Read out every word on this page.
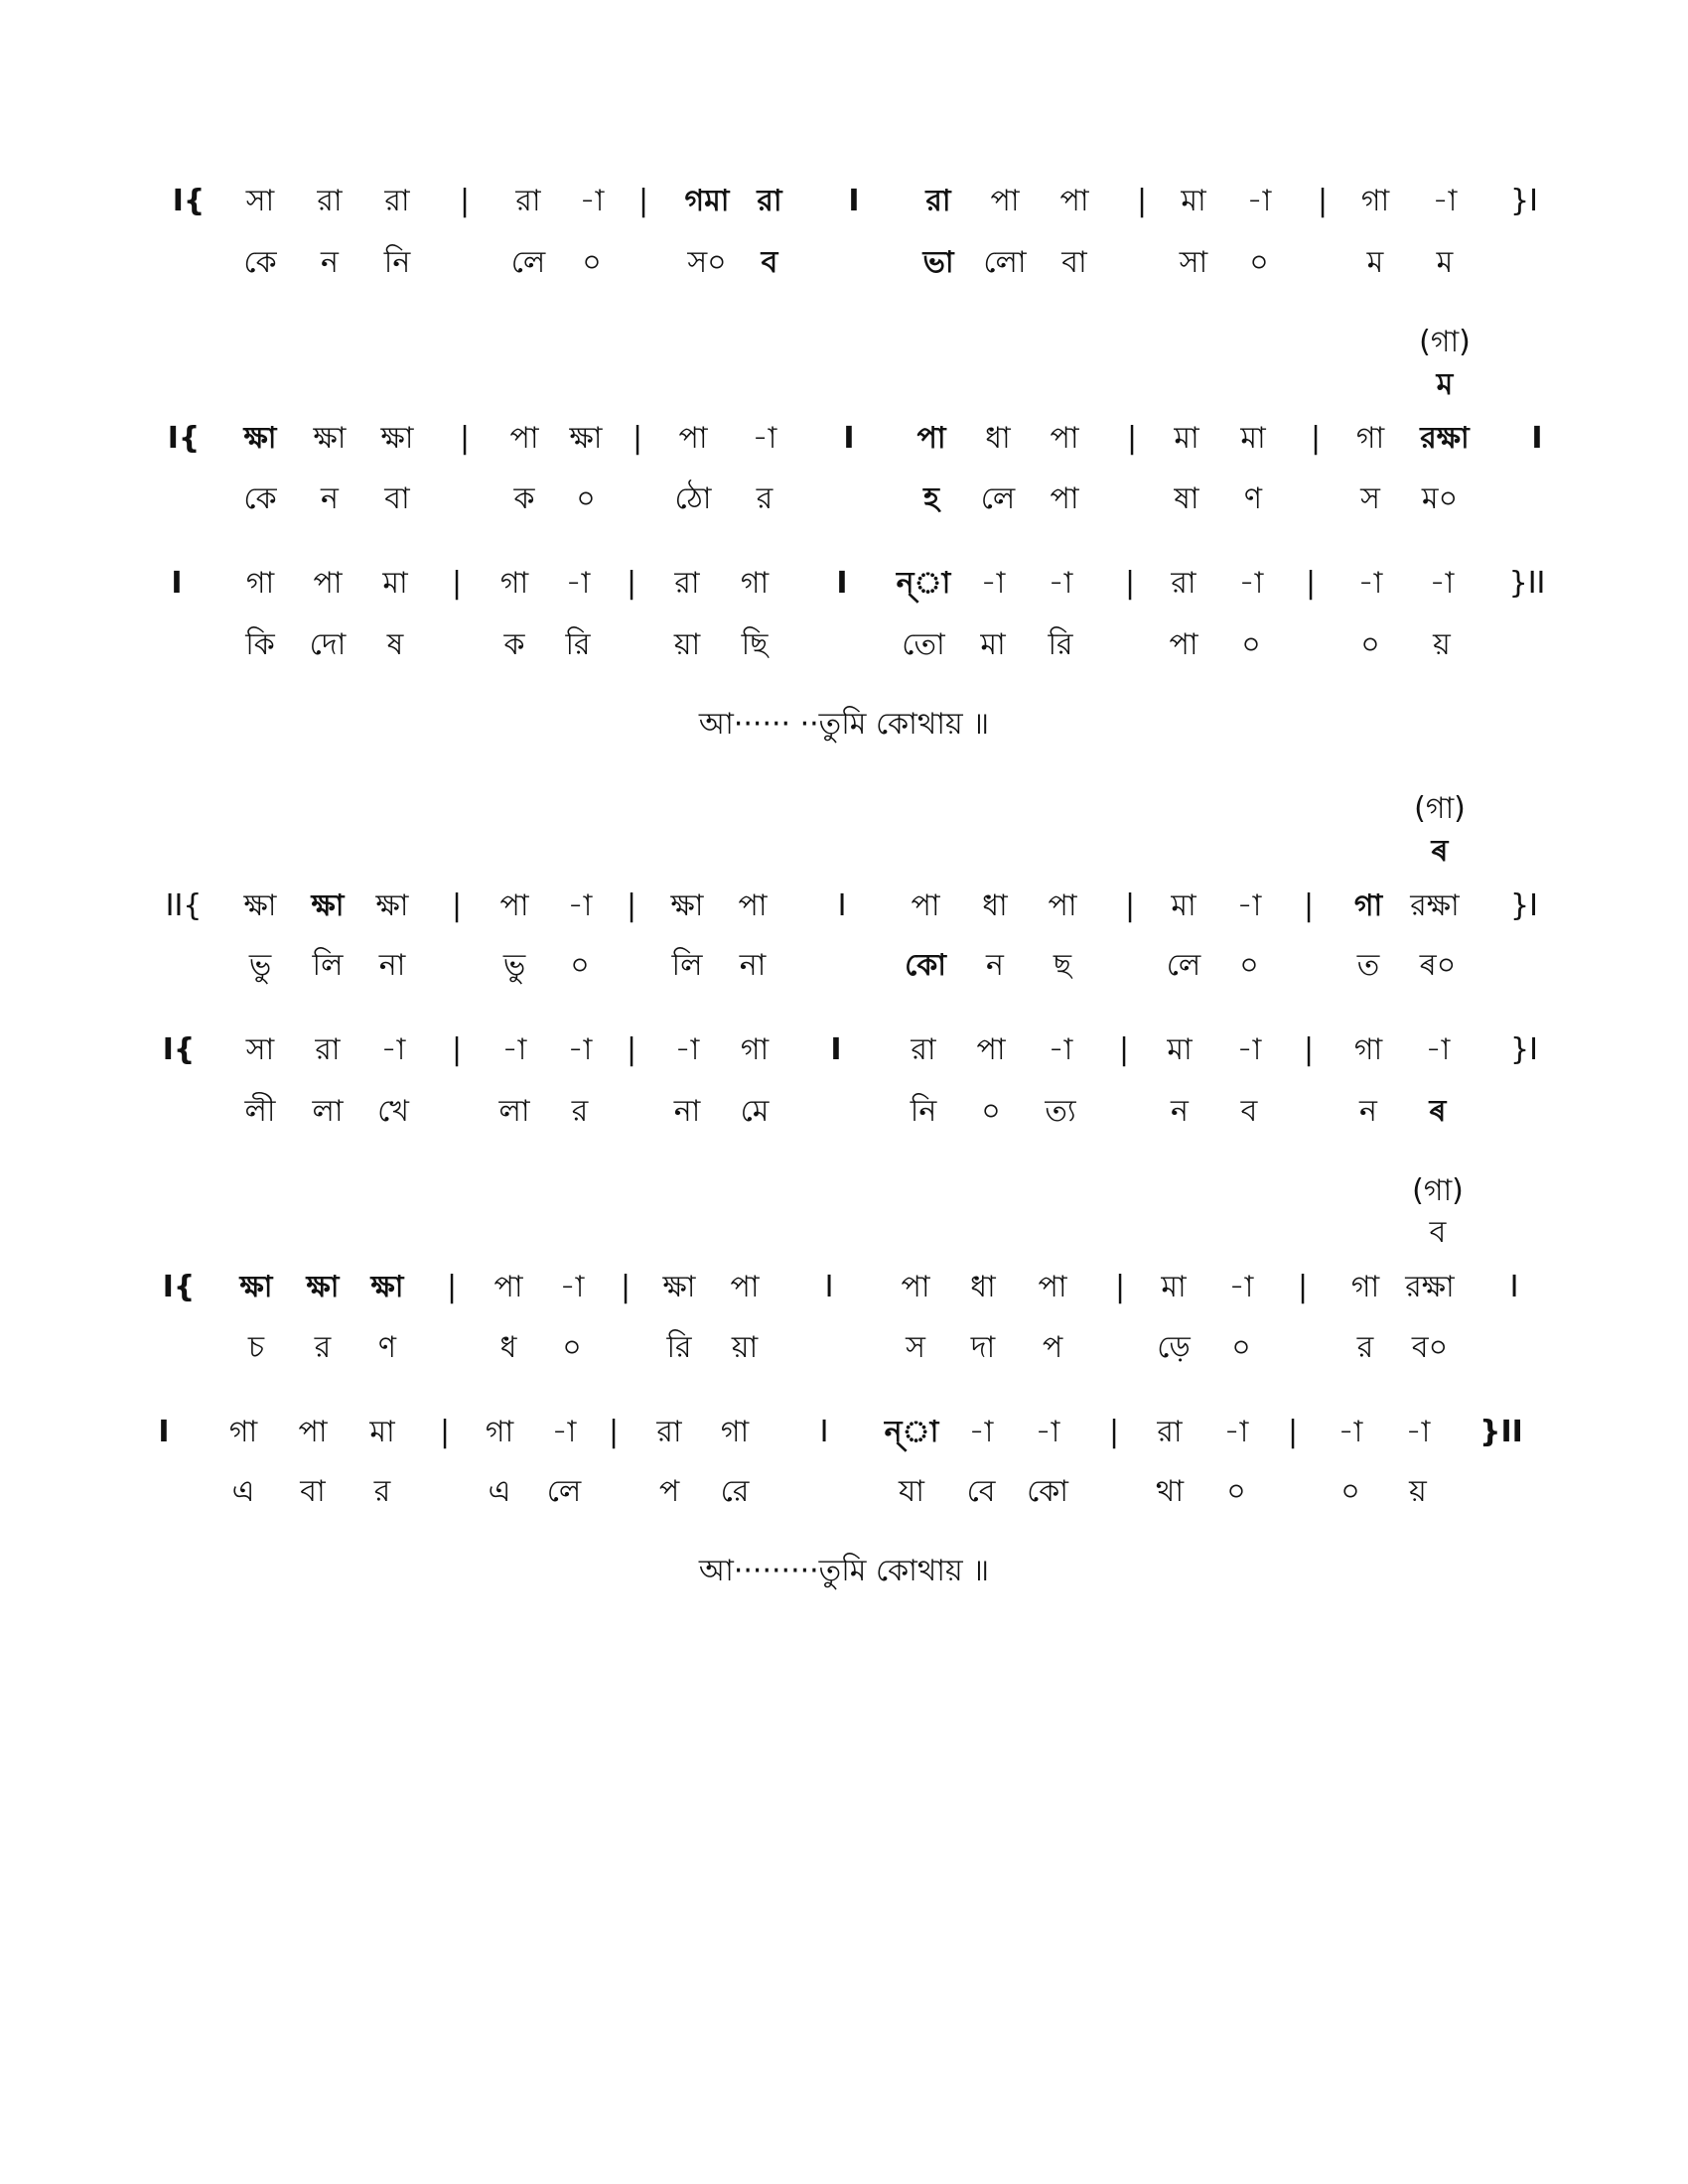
I{ সা রা রা | রা -া | গমা রা I রা পা পা | মা -া | গা -া }I
কে ন নি	লে ০	স০ ব	ভা লো বা	সা ০	ম ম
(গা)
ম
I{ ক্ষা ক্ষা ক্ষা | পা ক্ষা | পা -া I পা ধা পা | মা মা | গা রক্ষা I
কে ন বা	ক ০	ঠো র	হ লে পা	ষা ণ	স ম০
I গা পা মা | গা -া | রা গা I ন্‌া -া -া | রা -া | -া -া }II
কি দো ষ	ক রি	য়া ছি	তো মা রি	পা ০	০ য়
আ······ ··তুমি কোথায় ॥
(গা)
ৰ
II{ ক্ষা ক্ষা ক্ষা | পা -া | ক্ষা পা I পা ধা পা | মা -া | গা রক্ষা }I
ভু লি না	ভু ০	লি না	কো ন ছ	লে ০	ত ৰ০
I{ সা রা -া | -া -া | -া গা I রা পা -া | মা -া | গা -া }I
লী লা খে	লা র	না মে	নি ০ ত্য	ন ব	ন ৰ
(গা)
ব
I{ ক্ষা ক্ষা ক্ষা | পা -া | ক্ষা পা I পা ধা পা | মা -া | গা রক্ষা I
চ র ণ	ধ ০	রি য়া	স দা প	ড়ে ০	র ব০
I গা পা মা | গা -া | রা গা I ন্‌া -া -া | রা -া | -া -া }II
এ বা র	এ লে	প রে	যা বে কো	থা ০	০ য়
আ·········তুমি কোথায় ॥
